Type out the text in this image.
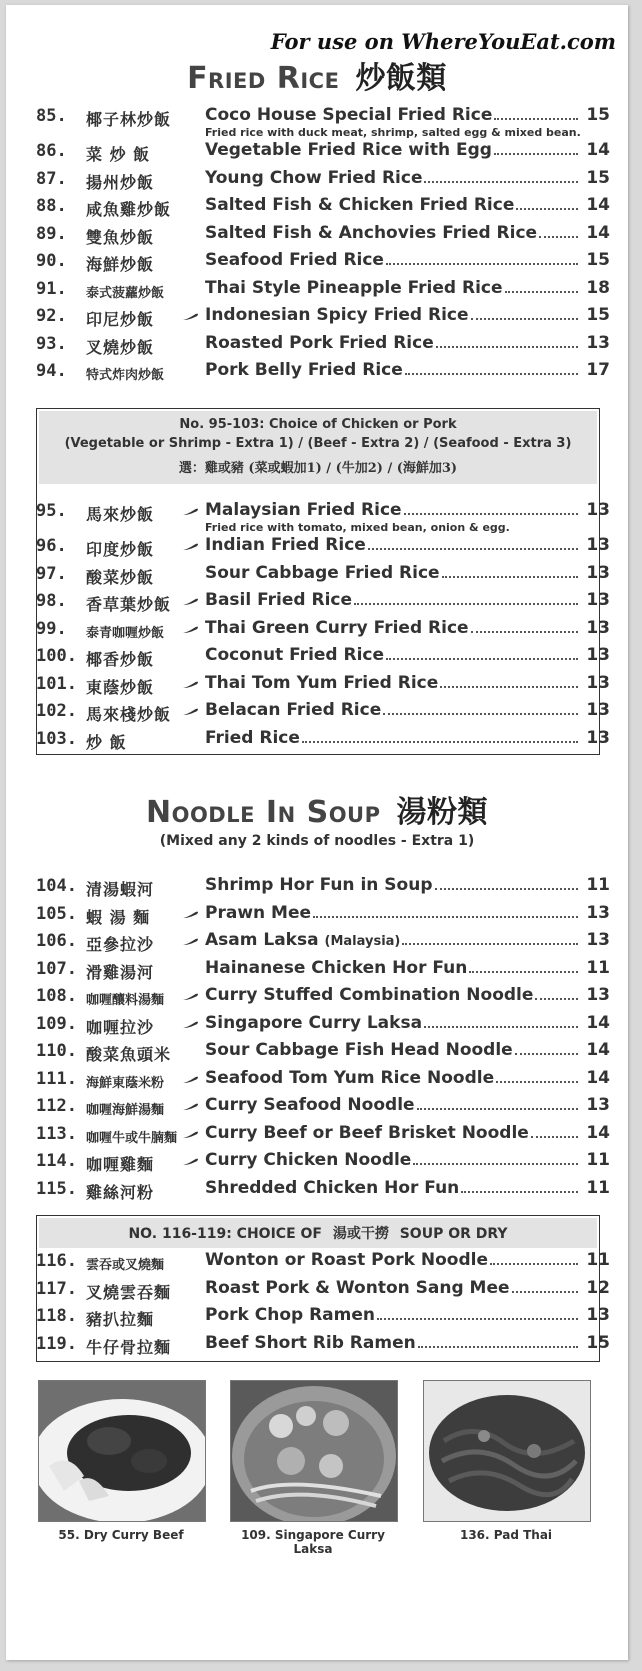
For use on WhereYouEat.com
Fried Rice 炒飯類
85. 椰子林炒飯	Coco House Special Fried Rice	15
Fried rice with duck meat, shrimp, salted egg & mixed bean.
86. 菜 炒 飯	Vegetable Fried Rice with Egg	14
87. 揚州炒飯	Young Chow Fried Rice	15
88. 咸魚雞炒飯	Salted Fish & Chicken Fried Rice	14
89. 雙魚炒飯	Salted Fish & Anchovies Fried Rice	14
90. 海鮮炒飯	Seafood Fried Rice	15
91. 泰式菠蘿炒飯	Thai Style Pineapple Fried Rice	18
92. 印尼炒飯	Indonesian Spicy Fried Rice	15
93. 叉燒炒飯	Roasted Pork Fried Rice	13
94. 特式炸肉炒飯	Pork Belly Fried Rice	17
No. 95-103: Choice of Chicken or Pork
(Vegetable or Shrimp - Extra 1) / (Beef - Extra 2) / (Seafood - Extra 3)
選：雞或豬 (菜或蝦加1) / (牛加2) / (海鮮加3)
95. 馬來炒飯	Malaysian Fried Rice	13
Fried rice with tomato, mixed bean, onion & egg.
96. 印度炒飯	Indian Fried Rice	13
97. 酸菜炒飯	Sour Cabbage Fried Rice	13
98. 香草葉炒飯	Basil Fried Rice	13
99. 泰青咖喱炒飯	Thai Green Curry Fried Rice	13
100. 椰香炒飯	Coconut Fried Rice	13
101. 東蔭炒飯	Thai Tom Yum Fried Rice	13
102. 馬來棧炒飯	Belacan Fried Rice	13
103. 炒 飯	Fried Rice	13
Noodle In Soup 湯粉類
(Mixed any 2 kinds of noodles - Extra 1)
104. 清湯蝦河	Shrimp Hor Fun in Soup	11
105. 蝦 湯 麵	Prawn Mee	13
106. 亞參拉沙	Asam Laksa (Malaysia)	13
107. 滑雞湯河	Hainanese Chicken Hor Fun	11
108. 咖喱釀料湯麵	Curry Stuffed Combination Noodle	13
109. 咖喱拉沙	Singapore Curry Laksa	14
110. 酸菜魚頭米	Sour Cabbage Fish Head Noodle	14
111. 海鮮東蔭米粉	Seafood Tom Yum Rice Noodle	14
112. 咖喱海鮮湯麵	Curry Seafood Noodle	13
113. 咖喱牛或牛腩麵	Curry Beef or Beef Brisket Noodle	14
114. 咖喱雞麵	Curry Chicken Noodle	11
115. 雞絲河粉	Shredded Chicken Hor Fun	11
NO. 116-119: CHOICE OF 湯或干撈 SOUP OR DRY
116. 雲吞或叉燒麵	Wonton or Roast Pork Noodle	11
117. 叉燒雲吞麵	Roast Pork & Wonton Sang Mee	12
118. 豬扒拉麵	Pork Chop Ramen	13
119. 牛仔骨拉麵	Beef Short Rib Ramen	15
55. Dry Curry Beef	109. Singapore Curry Laksa
136. Pad Thai
